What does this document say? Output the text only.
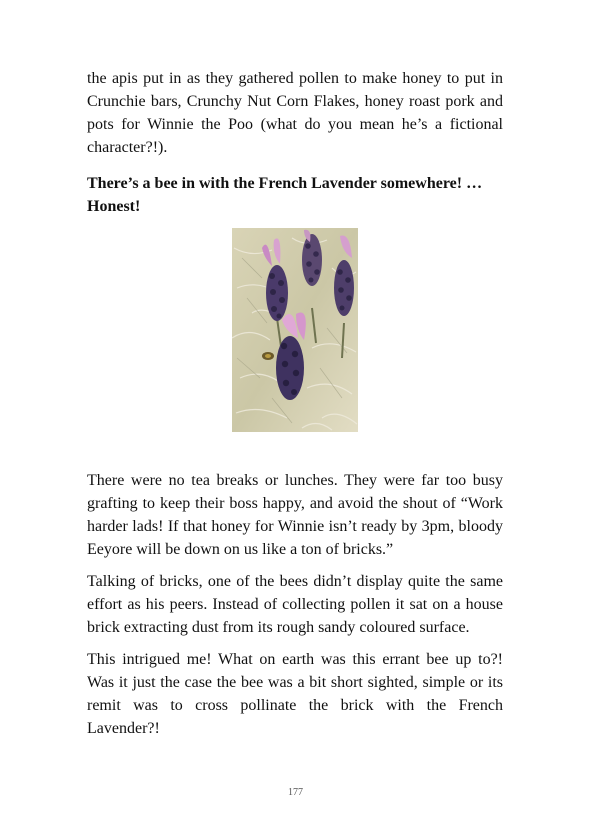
the apis put in as they gathered pollen to make honey to put in Crunchie bars, Crunchy Nut Corn Flakes, honey roast pork and pots for Winnie the Poo (what do you mean he’s a fictional character?!).

There’s a bee in with the French Lavender somewhere! … Honest!

There were no tea breaks or lunches. They were far too busy grafting to keep their boss happy, and avoid the shout of “Work harder lads! If that honey for Winnie isn’t ready by 3pm, bloody Eeyore will be down on us like a ton of bricks.”

Talking of bricks, one of the bees didn’t display quite the same effort as his peers. Instead of collecting pollen it sat on a house brick extracting dust from its rough sandy coloured surface.

This intrigued me! What on earth was this errant bee up to?! Was it just the case the bee was a bit short sighted, simple or its remit was to cross pollinate the brick with the French Lavender?!

177
